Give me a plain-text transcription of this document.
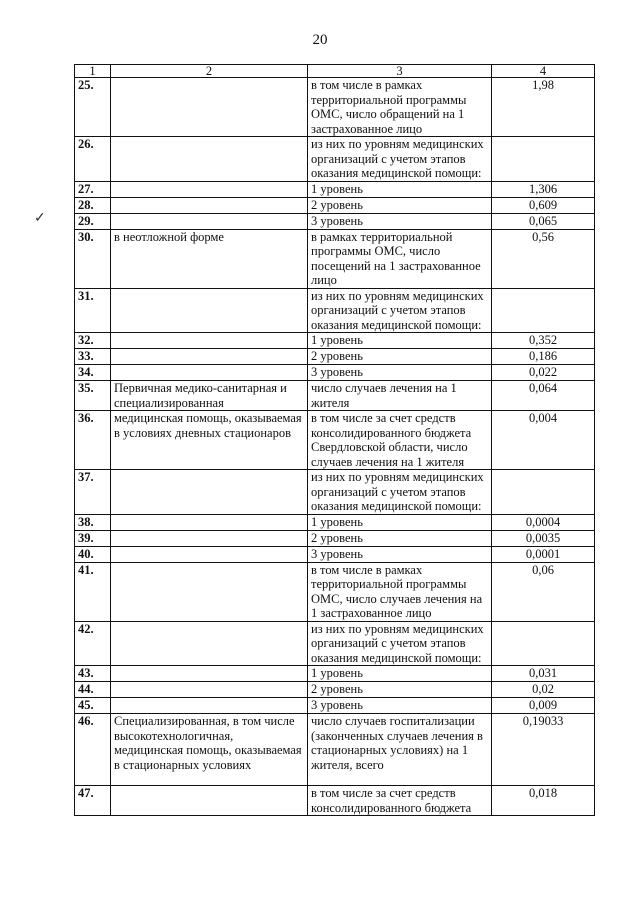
20
✓
1	2	3	4
25.		в том числе в рамках территориальной программы ОМС, число обращений на 1 застрахованное лицо	1,98
26.		из них по уровням медицинских организаций с учетом этапов оказания медицинской помощи:	
27.		1 уровень	1,306
28.		2 уровень	0,609
29.		3 уровень	0,065
30.	в неотложной форме	в рамках территориальной программы ОМС, число посещений на 1 застрахованное лицо	0,56
31.		из них по уровням медицинских организаций с учетом этапов оказания медицинской помощи:	
32.		1 уровень	0,352
33.		2 уровень	0,186
34.		3 уровень	0,022
35.	Первичная медико-санитарная и специализированная	число случаев лечения на 1 жителя	0,064
36.	медицинская помощь, оказываемая в условиях дневных стационаров	в том числе за счет средств консолидированного бюджета Свердловской области, число случаев лечения на 1 жителя	0,004
37.		из них по уровням медицинских организаций с учетом этапов оказания медицинской помощи:	
38.		1 уровень	0,0004
39.		2 уровень	0,0035
40.		3 уровень	0,0001
41.		в том числе в рамках территориальной программы ОМС, число случаев лечения на 1 застрахованное лицо	0,06
42.		из них по уровням медицинских организаций с учетом этапов оказания медицинской помощи:	
43.		1 уровень	0,031
44.		2 уровень	0,02
45.		3 уровень	0,009
46.	Специализированная, в том числе высокотехнологичная, медицинская помощь, оказываемая в стационарных условиях	число случаев госпитализации (законченных случаев лечения в стационарных условиях) на 1 жителя, всего	0,19033
47.		в том числе за счет средств консолидированного бюджета	0,018
